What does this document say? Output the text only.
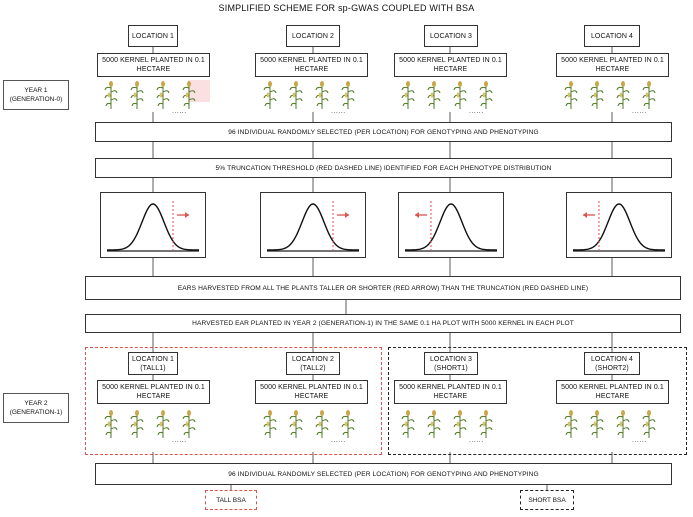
SIMPLIFIED SCHEME FOR sp-GWAS COUPLED WITH BSA
YEAR 1
(GENERATION-0)
YEAR 2
(GENERATION-1)
LOCATION 1	LOCATION 2	LOCATION 3	LOCATION 4
5000 KERNEL PLANTED IN 0.1
HECTARE
5000 KERNEL PLANTED IN 0.1
HECTARE
5000 KERNEL PLANTED IN 0.1
HECTARE
5000 KERNEL PLANTED IN 0.1
HECTARE
......	......	......	......
96 INDIVIDUAL RANDOMLY SELECTED (PER LOCATION) FOR GENOTYPING AND PHENOTYPING
5% TRUNCATION THRESHOLD (RED DASHED LINE) IDENTIFIED FOR EACH PHENOTYPE DISTRIBUTION
EARS HARVESTED FROM ALL THE PLANTS TALLER OR SHORTER (RED ARROW) THAN THE TRUNCATION (RED DASHED LINE)
HARVESTED EAR PLANTED IN YEAR 2 (GENERATION-1) IN THE SAME 0.1 HA PLOT WITH 5000 KERNEL IN EACH PLOT
LOCATION 1
(TALL1)
LOCATION 2
(TALL2)
LOCATION 3
(SHORT1)
LOCATION 4
(SHORT2)
5000 KERNEL PLANTED IN 0.1
HECTARE
5000 KERNEL PLANTED IN 0.1
HECTARE
5000 KERNEL PLANTED IN 0.1
HECTARE
5000 KERNEL PLANTED IN 0.1
HECTARE
......	......	......	......
96 INDIVIDUAL RANDOMLY SELECTED (PER LOCATION) FOR GENOTYPING AND PHENOTYPING
TALL BSA	SHORT BSA
